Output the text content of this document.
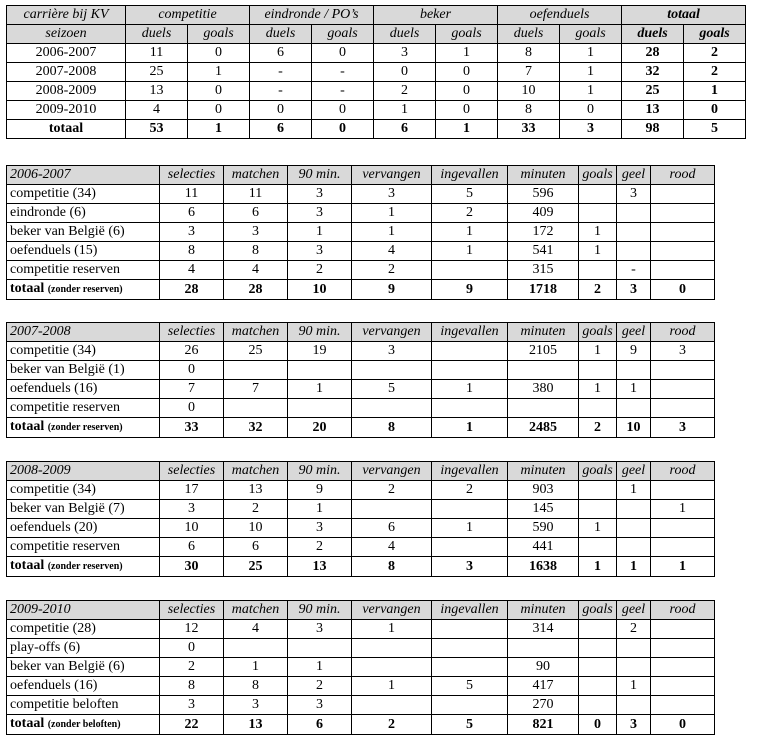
carrière bij KV	competitie		eindronde / PO’s		beker		oefenduels		totaal	
seizoen	duels	goals	duels	goals	duels	goals	duels	goals	duels	goals
2006-2007	11	0	6	0	3	1	8	1	28	2
2007-2008	25	1	-	-	0	0	7	1	32	2
2008-2009	13	0	-	-	2	0	10	1	25	1
2009-2010	4	0	0	0	1	0	8	0	13	0
totaal	53	1	6	0	6	1	33	3	98	5
2006-2007	selecties	matchen	90 min.	vervangen	ingevallen	minuten	goals	geel	rood
competitie (34)	11	11	3	3	5	596		3	
eindronde (6)	6	6	3	1	2	409			
beker van België (6)	3	3	1	1	1	172	1		
oefenduels (15)	8	8	3	4	1	541	1		
competitie reserven	4	4	2	2		315		-	
totaal (zonder reserven)	28	28	10	9	9	1718	2	3	0
2007-2008	selecties	matchen	90 min.	vervangen	ingevallen	minuten	goals	geel	rood
competitie (34)	26	25	19	3		2105	1	9	3
beker van België (1)	0								
oefenduels (16)	7	7	1	5	1	380	1	1	
competitie reserven	0								
totaal (zonder reserven)	33	32	20	8	1	2485	2	10	3
2008-2009	selecties	matchen	90 min.	vervangen	ingevallen	minuten	goals	geel	rood
competitie (34)	17	13	9	2	2	903		1	
beker van België (7)	3	2	1			145			1
oefenduels (20)	10	10	3	6	1	590	1		
competitie reserven	6	6	2	4		441			
totaal (zonder reserven)	30	25	13	8	3	1638	1	1	1
2009-2010	selecties	matchen	90 min.	vervangen	ingevallen	minuten	goals	geel	rood
competitie (28)	12	4	3	1		314		2	
play-offs (6)	0								
beker van België (6)	2	1	1			90			
oefenduels (16)	8	8	2	1	5	417		1	
competitie beloften	3	3	3			270			
totaal (zonder beloften)	22	13	6	2	5	821	0	3	0
